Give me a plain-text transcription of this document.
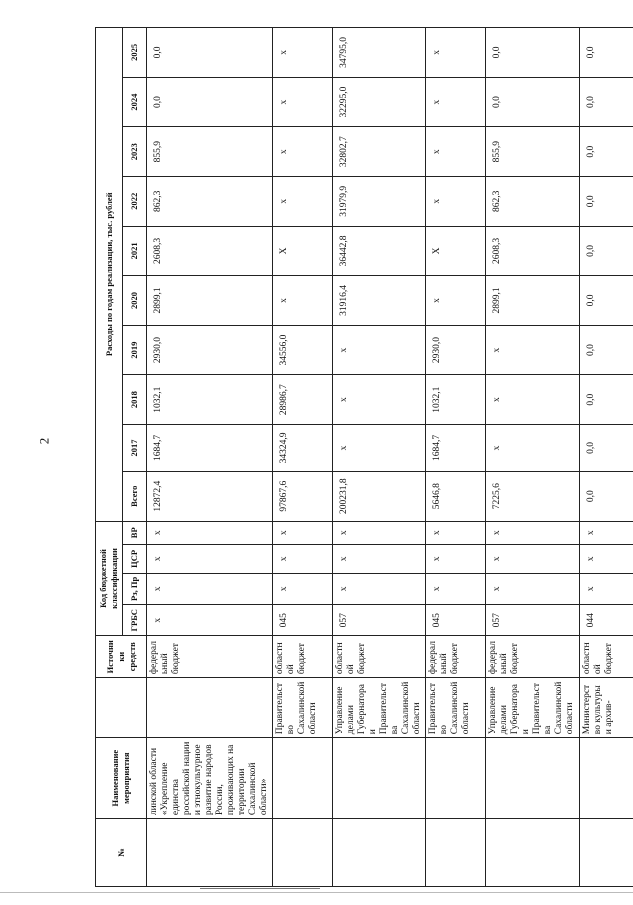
2
№	Наименование мероприятия		Источники средств	Код бюджетной классификации				Расходы по годам реализации, тыс. рублей									
				ГРБС	Рз, Пр	ЦСР	ВР	Всего	2017	2018	2019	2020	2021	2022	2023	2024	2025
	линской области «Укрепление единства российской нации и этнокультурное развитие народов России, проживающих на территории Сахалинской области»		федеральный бюджет	x	x	x	x	12872,4	1684,7	1032,1	2930,0	2899,1	2608,3	862,3	855,9	0,0	0,0
		Правительство Сахалинской области	областной бюджет	045	x	x	x	97867,6	34324,9	28986,7	34556,0	x	X	x	x	x	x
		Управление делами Губернатора и Правительства Сахалинской области	областной бюджет	057	x	x	x	200231,8	x	x	x	31916,4	36442,8	31979,9	32802,7	32295,0	34795,0
		Правительство Сахалинской области	федеральный бюджет	045	x	x	x	5646,8	1684,7	1032,1	2930,0	x	X	x	x	x	x
		Управление делами Губернатора и Правительства Сахалинской области	федеральный бюджет	057	x	x	x	7225,6	x	x	x	2899,1	2608,3	862,3	855,9	0,0	0,0
		Министерство культуры и архив-	областной бюджет	044	x	x	x	0,0	0,0	0,0	0,0	0,0	0,0	0,0	0,0	0,0	0,0
